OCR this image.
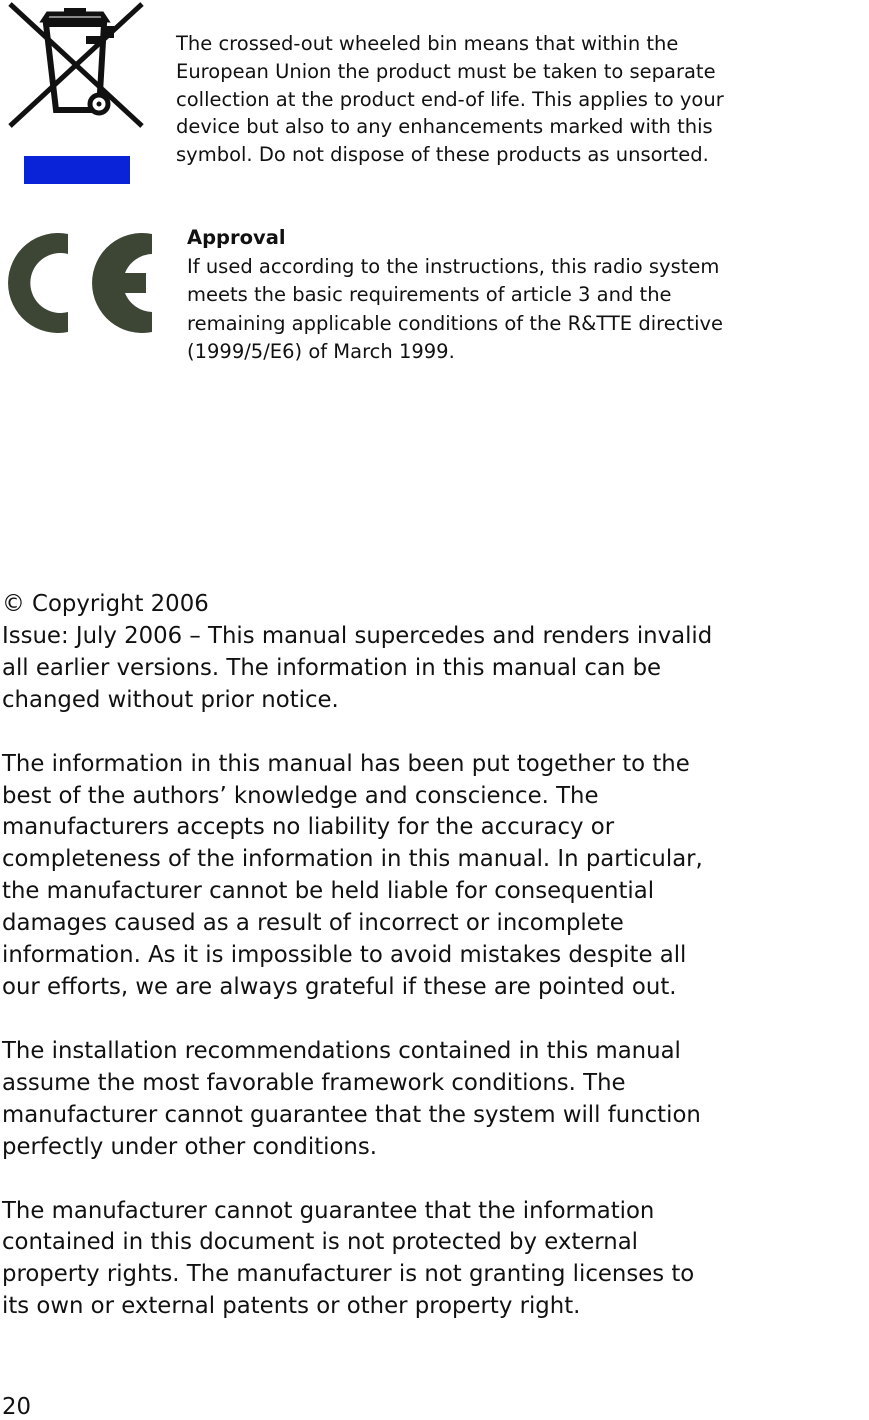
The crossed-out wheeled bin means that within the
European Union the product must be taken to separate
collection at the product end-of life. This applies to your
device but also to any enhancements marked with this
symbol. Do not dispose of these products as unsorted.
Approval
If used according to the instructions, this radio system
meets the basic requirements of article 3 and the
remaining applicable conditions of the R&TTE directive
(1999/5/E6) of March 1999.

© Copyright 2006
Issue: July 2006 – This manual supercedes and renders invalid
all earlier versions. The information in this manual can be
changed without prior notice.

The information in this manual has been put together to the
best of the authors’ knowledge and conscience. The
manufacturers accepts no liability for the accuracy or
completeness of the information in this manual. In particular,
the manufacturer cannot be held liable for consequential
damages caused as a result of incorrect or incomplete
information. As it is impossible to avoid mistakes despite all
our efforts, we are always grateful if these are pointed out.

The installation recommendations contained in this manual
assume the most favorable framework conditions. The
manufacturer cannot guarantee that the system will function
perfectly under other conditions.

The manufacturer cannot guarantee that the information
contained in this document is not protected by external
property rights. The manufacturer is not granting licenses to
its own or external patents or other property right.

20
